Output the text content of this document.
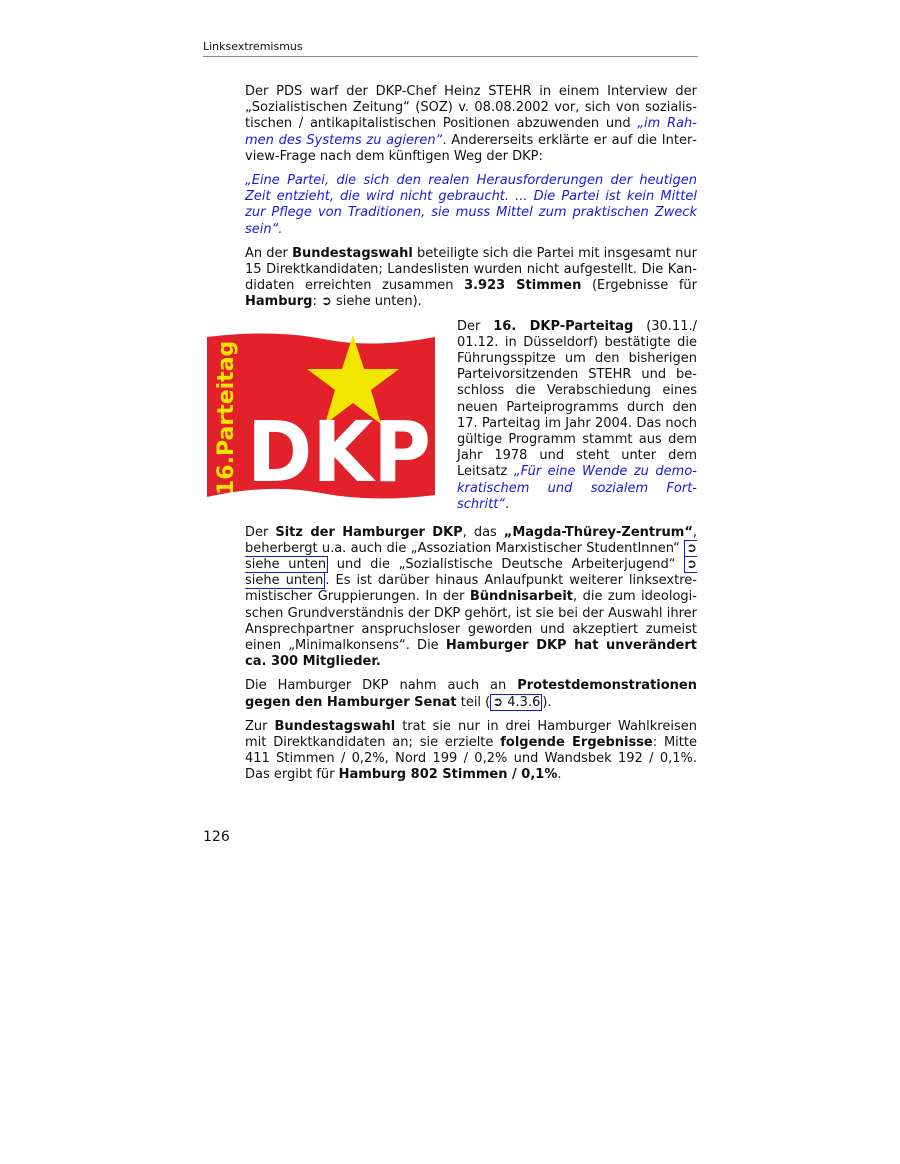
Linksextremismus

Der PDS warf der DKP-Chef Heinz STEHR in einem Interview der „Sozialistischen Zeitung“ (SOZ) v. 08.08.2002 vor, sich von sozialistischen / antikapitalistischen Positionen abzuwenden und „im Rahmen des Systems zu agieren“. Andererseits erklärte er auf die Interview-Frage nach dem künftigen Weg der DKP:

„Eine Partei, die sich den realen Herausforderungen der heutigen Zeit entzieht, die wird nicht gebraucht. ... Die Partei ist kein Mittel zur Pflege von Traditionen, sie muss Mittel zum praktischen Zweck sein“.

An der Bundestagswahl beteiligte sich die Partei mit insgesamt nur 15 Direktkandidaten; Landeslisten wurden nicht aufgestellt. Die Kandidaten erreichten zusammen 3.923 Stimmen (Ergebnisse für Hamburg: ➲ siehe unten).

16.Parteitag DKP
Der 16. DKP-Parteitag (30.11./ 01.12. in Düsseldorf) bestätigte die Führungsspitze um den bisherigen Parteivorsitzenden STEHR und beschloss die Verabschiedung eines neuen Parteiprogramms durch den 17. Parteitag im Jahr 2004. Das noch gültige Programm stammt aus dem Jahr 1978 und steht unter dem Leitsatz „Für eine Wende zu demokratischem und sozialem Fortschritt“.

Der Sitz der Hamburger DKP, das „Magda-Thürey-Zentrum“, beherbergt u.a. auch die „Assoziation Marxistischer StudentInnen“ ➲ siehe unten und die „Sozialistische Deutsche Arbeiterjugend“ ➲ siehe unten . Es ist darüber hinaus Anlaufpunkt weiterer linksextremistischer Gruppierungen. In der Bündnisarbeit, die zum ideologischen Grundverständnis der DKP gehört, ist sie bei der Auswahl ihrer Ansprechpartner anspruchsloser geworden und akzeptiert zumeist einen „Minimalkonsens“. Die Hamburger DKP hat unverändert ca. 300 Mitglieder.

Die Hamburger DKP nahm auch an Protestdemonstrationen gegen den Hamburger Senat teil ( ➲ 4.3.6 ).

Zur Bundestagswahl trat sie nur in drei Hamburger Wahlkreisen mit Direktkandidaten an; sie erzielte folgende Ergebnisse: Mitte 411 Stimmen / 0,2%, Nord 199 / 0,2% und Wandsbek 192 / 0,1%. Das ergibt für Hamburg 802 Stimmen / 0,1%.

126
